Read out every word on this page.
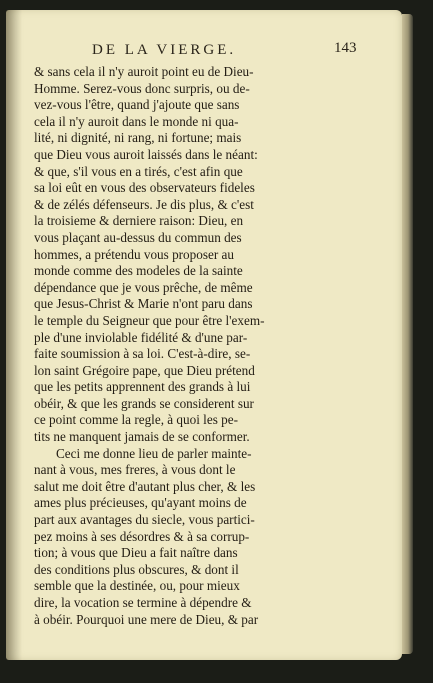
DE LA VIERGE.	143
& sans cela il n'y auroit point eu de Dieu-
Homme. Serez-vous donc surpris, ou de-
vez-vous l'être, quand j'ajoute que sans
cela il n'y auroit dans le monde ni qua-
lité, ni dignité, ni rang, ni fortune; mais
que Dieu vous auroit laissés dans le néant:
& que, s'il vous en a tirés, c'est afin que
sa loi eût en vous des observateurs fideles
& de zélés défenseurs. Je dis plus, & c'est
la troisieme & derniere raison: Dieu, en
vous plaçant au-dessus du commun des
hommes, a prétendu vous proposer au
monde comme des modeles de la sainte
dépendance que je vous prêche, de même
que Jesus-Christ & Marie n'ont paru dans
le temple du Seigneur que pour être l'exem-
ple d'une inviolable fidélité & d'une par-
faite soumission à sa loi. C'est-à-dire, se-
lon saint Grégoire pape, que Dieu prétend
que les petits apprennent des grands à lui
obéir, & que les grands se considerent sur
ce point comme la regle, à quoi les pe-
tits ne manquent jamais de se conformer.
Ceci me donne lieu de parler mainte-
nant à vous, mes freres, à vous dont le
salut me doit être d'autant plus cher, & les
ames plus précieuses, qu'ayant moins de
part aux avantages du siecle, vous partici-
pez moins à ses désordres & à sa corrup-
tion; à vous que Dieu a fait naître dans
des conditions plus obscures, & dont il
semble que la destinée, ou, pour mieux
dire, la vocation se termine à dépendre &
à obéir. Pourquoi une mere de Dieu, & par
